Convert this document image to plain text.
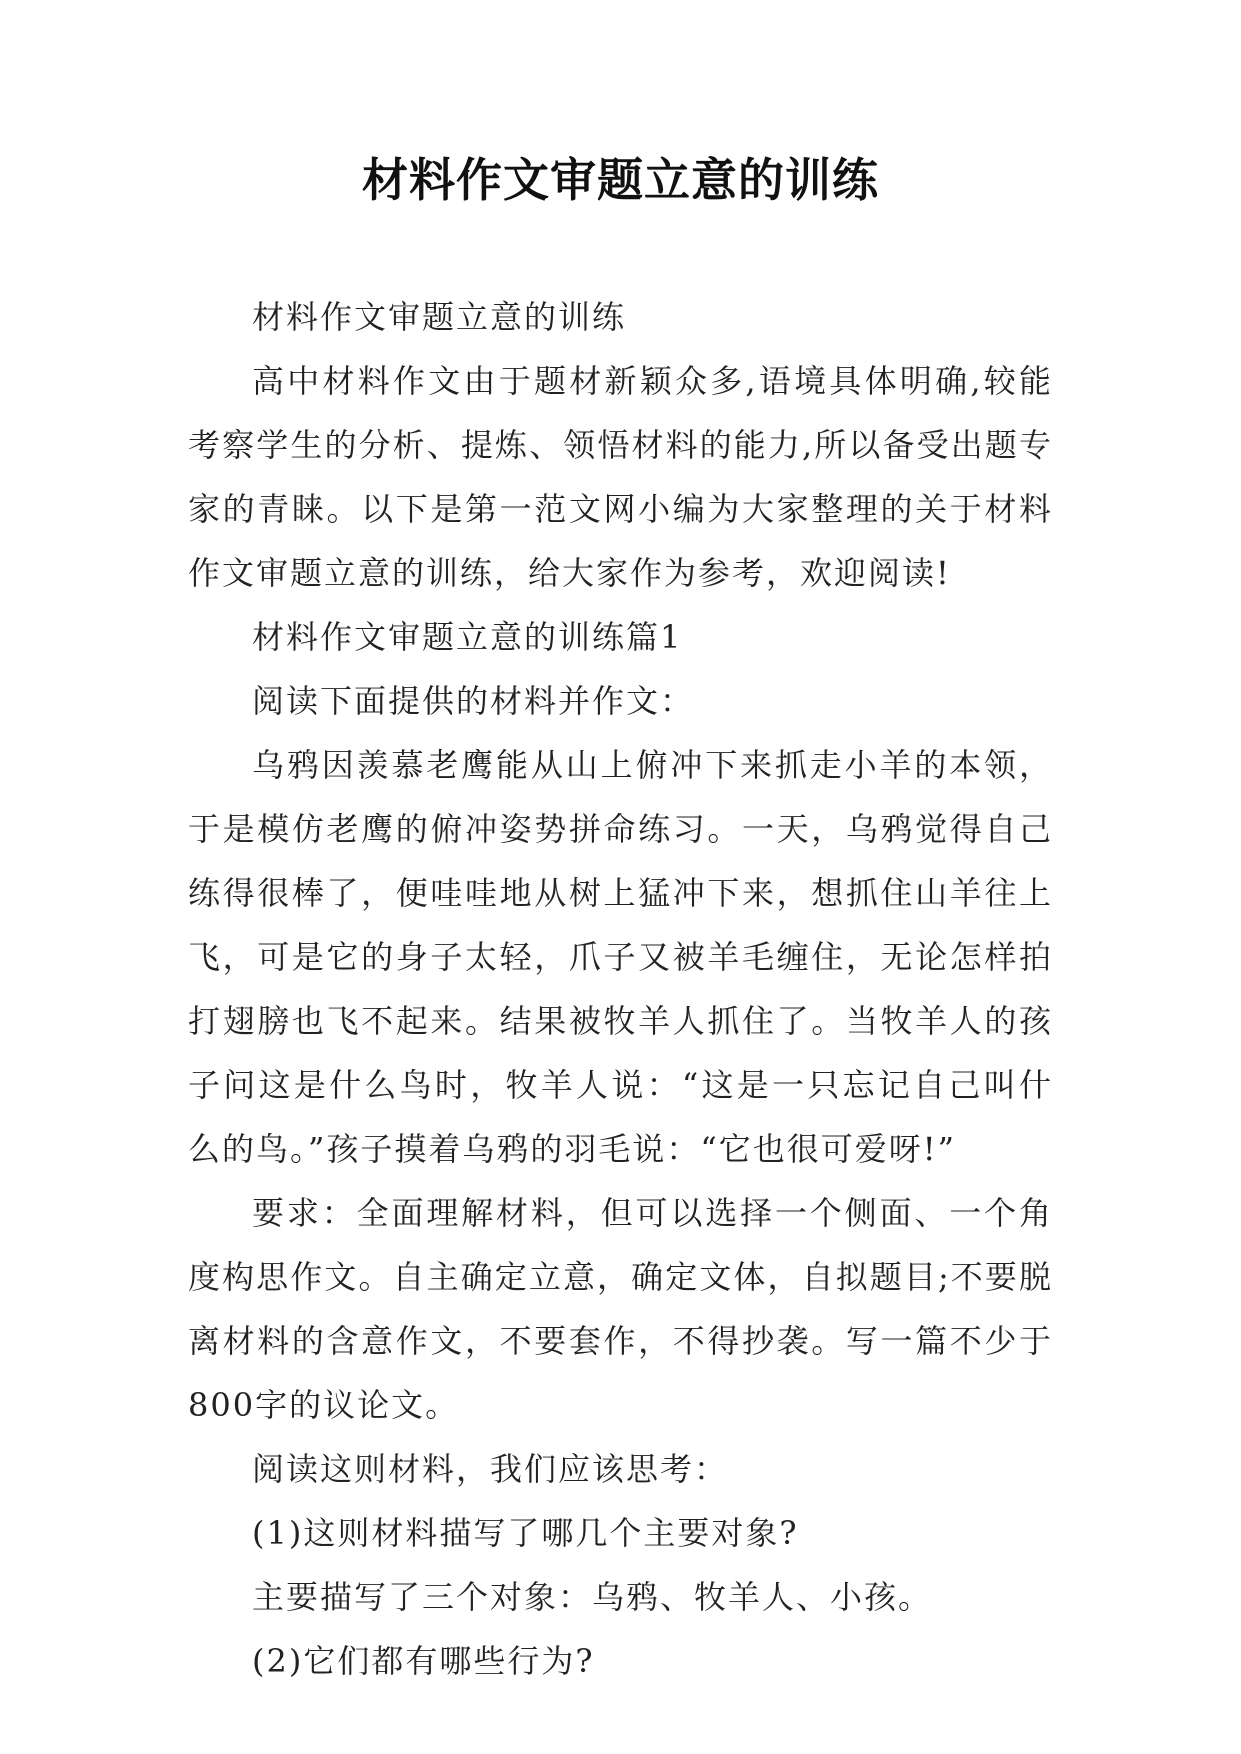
材料作文审题立意的训练

材料作文审题立意的训练

高中材料作文由于题材新颖众多,语境具体明确,较能考察学生的分析、提炼、领悟材料的能力,所以备受出题专家的青睐。以下是第一范文网小编为大家整理的关于材料作文审题立意的训练，给大家作为参考，欢迎阅读!

材料作文审题立意的训练篇1

阅读下面提供的材料并作文：

乌鸦因羡慕老鹰能从山上俯冲下来抓走小羊的本领，于是模仿老鹰的俯冲姿势拼命练习。一天，乌鸦觉得自己练得很棒了，便哇哇地从树上猛冲下来，想抓住山羊往上飞，可是它的身子太轻，爪子又被羊毛缠住，无论怎样拍打翅膀也飞不起来。结果被牧羊人抓住了。当牧羊人的孩子问这是什么鸟时，牧羊人说：“这是一只忘记自己叫什么的鸟。”孩子摸着乌鸦的羽毛说：“它也很可爱呀!”

要求：全面理解材料，但可以选择一个侧面、一个角度构思作文。自主确定立意，确定文体，自拟题目;不要脱离材料的含意作文，不要套作，不得抄袭。写一篇不少于800字的议论文。

阅读这则材料，我们应该思考：

(1)这则材料描写了哪几个主要对象?

主要描写了三个对象：乌鸦、牧羊人、小孩。

(2)它们都有哪些行为?
